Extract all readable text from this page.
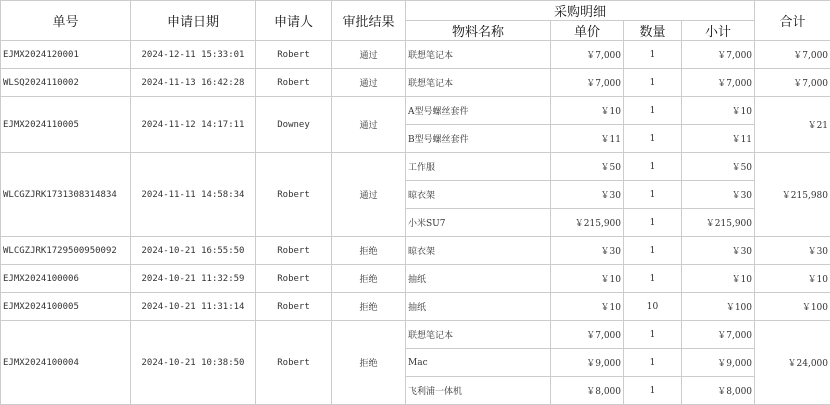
单号	申请日期	申请人	审批结果	采购明细				合计
				物料名称	单价	数量	小计	
EJMX2024120001	2024-12-11 15:33:01	Robert	通过	联想笔记本	￥7,000	1	￥7,000	￥7,000
WLSQ2024110002	2024-11-13 16:42:28	Robert	通过	联想笔记本	￥7,000	1	￥7,000	￥7,000
EJMX2024110005	2024-11-12 14:17:11	Downey	通过	A型号螺丝套件	￥10	1	￥10	￥21
				B型号螺丝套件	￥11	1	￥11	
WLCGZJRK1731308314834	2024-11-11 14:58:34	Robert	通过	工作服	￥50	1	￥50	￥215,980
				晾衣架	￥30	1	￥30	
				小米SU7	￥215,900	1	￥215,900	
WLCGZJRK1729500950092	2024-10-21 16:55:50	Robert	拒绝	晾衣架	￥30	1	￥30	￥30
EJMX2024100006	2024-10-21 11:32:59	Robert	拒绝	抽纸	￥10	1	￥10	￥10
EJMX2024100005	2024-10-21 11:31:14	Robert	拒绝	抽纸	￥10	10	￥100	￥100
EJMX2024100004	2024-10-21 10:38:50	Robert	拒绝	联想笔记本	￥7,000	1	￥7,000	￥24,000
				Mac	￥9,000	1	￥9,000	
				飞利浦一体机	￥8,000	1	￥8,000	
